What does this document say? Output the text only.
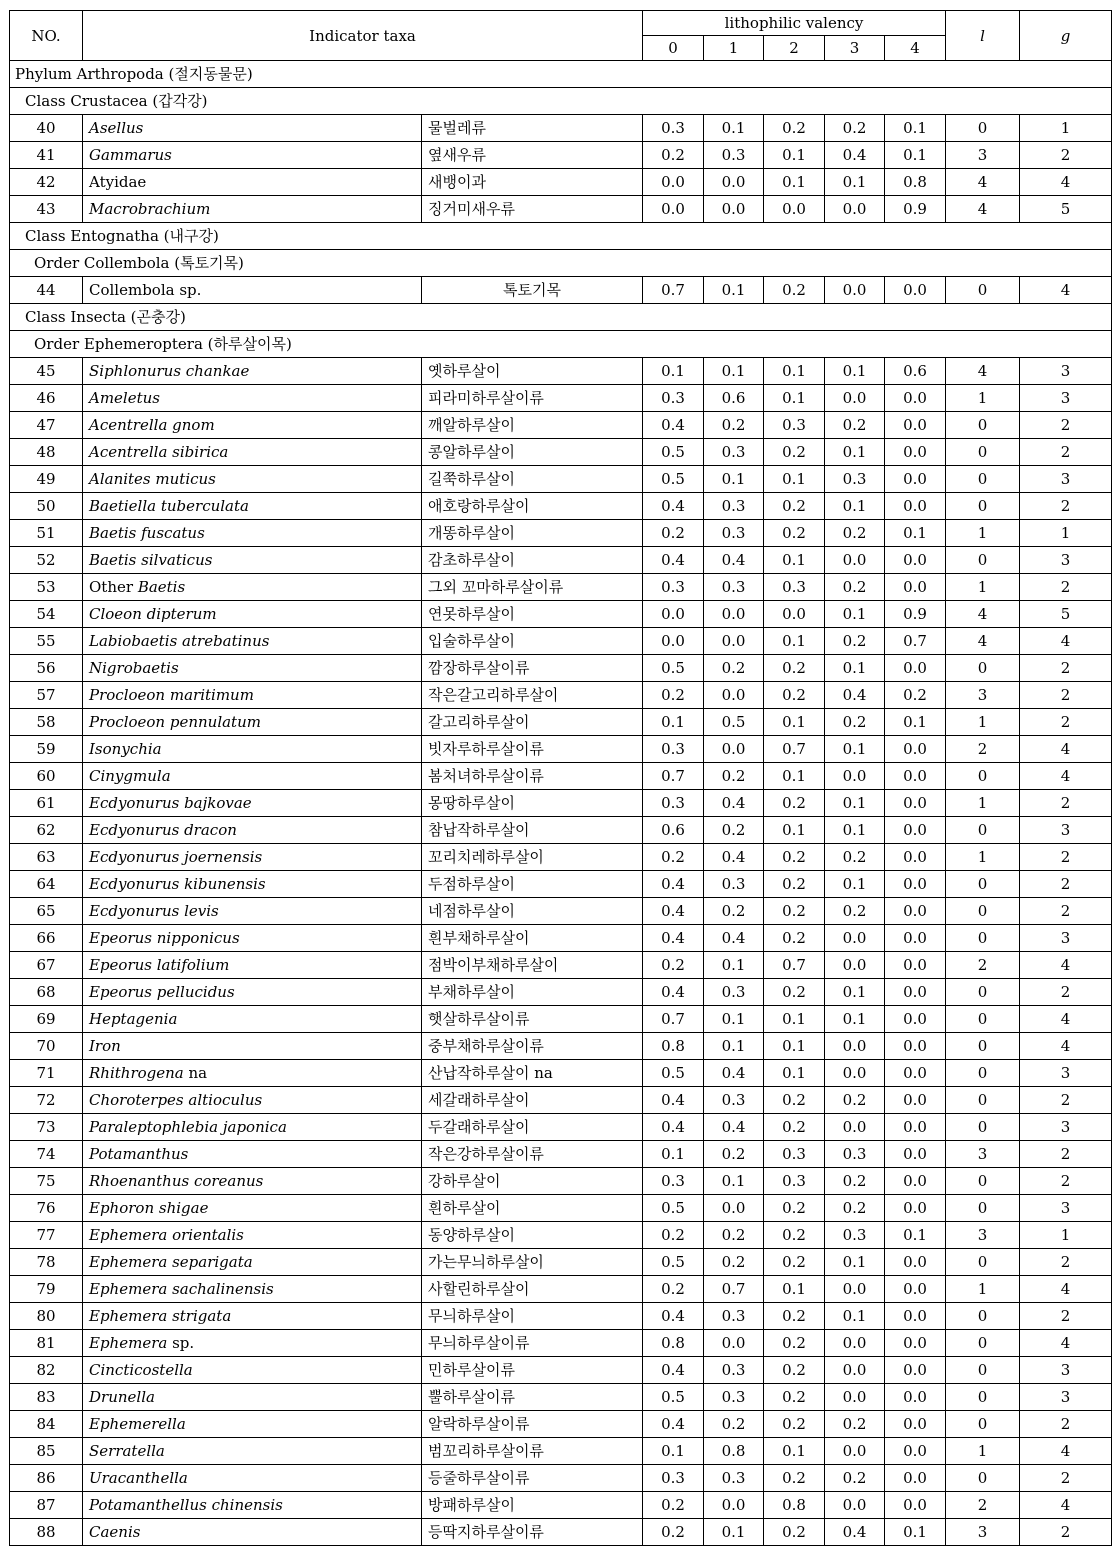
NO.	Indicator taxa		lithophilic valency					l	g
			0	1	2	3	4		
Phylum Arthropoda (절지동물문)									
Class Crustacea (갑각강)									
40	Asellus	물벌레류	0.3	0.1	0.2	0.2	0.1	0	1
41	Gammarus	옆새우류	0.2	0.3	0.1	0.4	0.1	3	2
42	Atyidae	새뱅이과	0.0	0.0	0.1	0.1	0.8	4	4
43	Macrobrachium	징거미새우류	0.0	0.0	0.0	0.0	0.9	4	5
Class Entognatha (내구강)									
Order Collembola (톡토기목)									
44	Collembola sp.	톡토기목	0.7	0.1	0.2	0.0	0.0	0	4
Class Insecta (곤충강)									
Order Ephemeroptera (하루살이목)									
45	Siphlonurus chankae	옛하루살이	0.1	0.1	0.1	0.1	0.6	4	3
46	Ameletus	피라미하루살이류	0.3	0.6	0.1	0.0	0.0	1	3
47	Acentrella gnom	깨알하루살이	0.4	0.2	0.3	0.2	0.0	0	2
48	Acentrella sibirica	콩알하루살이	0.5	0.3	0.2	0.1	0.0	0	2
49	Alanites muticus	길쭉하루살이	0.5	0.1	0.1	0.3	0.0	0	3
50	Baetiella tuberculata	애호랑하루살이	0.4	0.3	0.2	0.1	0.0	0	2
51	Baetis fuscatus	개똥하루살이	0.2	0.3	0.2	0.2	0.1	1	1
52	Baetis silvaticus	감초하루살이	0.4	0.4	0.1	0.0	0.0	0	3
53	Other Baetis	그외 꼬마하루살이류	0.3	0.3	0.3	0.2	0.0	1	2
54	Cloeon dipterum	연못하루살이	0.0	0.0	0.0	0.1	0.9	4	5
55	Labiobaetis atrebatinus	입술하루살이	0.0	0.0	0.1	0.2	0.7	4	4
56	Nigrobaetis	깜장하루살이류	0.5	0.2	0.2	0.1	0.0	0	2
57	Procloeon maritimum	작은갈고리하루살이	0.2	0.0	0.2	0.4	0.2	3	2
58	Procloeon pennulatum	갈고리하루살이	0.1	0.5	0.1	0.2	0.1	1	2
59	Isonychia	빗자루하루살이류	0.3	0.0	0.7	0.1	0.0	2	4
60	Cinygmula	봄처녀하루살이류	0.7	0.2	0.1	0.0	0.0	0	4
61	Ecdyonurus bajkovae	몽땅하루살이	0.3	0.4	0.2	0.1	0.0	1	2
62	Ecdyonurus dracon	참납작하루살이	0.6	0.2	0.1	0.1	0.0	0	3
63	Ecdyonurus joernensis	꼬리치레하루살이	0.2	0.4	0.2	0.2	0.0	1	2
64	Ecdyonurus kibunensis	두점하루살이	0.4	0.3	0.2	0.1	0.0	0	2
65	Ecdyonurus levis	네점하루살이	0.4	0.2	0.2	0.2	0.0	0	2
66	Epeorus nipponicus	흰부채하루살이	0.4	0.4	0.2	0.0	0.0	0	3
67	Epeorus latifolium	점박이부채하루살이	0.2	0.1	0.7	0.0	0.0	2	4
68	Epeorus pellucidus	부채하루살이	0.4	0.3	0.2	0.1	0.0	0	2
69	Heptagenia	햇살하루살이류	0.7	0.1	0.1	0.1	0.0	0	4
70	Iron	중부채하루살이류	0.8	0.1	0.1	0.0	0.0	0	4
71	Rhithrogena na	산납작하루살이 na	0.5	0.4	0.1	0.0	0.0	0	3
72	Choroterpes altioculus	세갈래하루살이	0.4	0.3	0.2	0.2	0.0	0	2
73	Paraleptophlebia japonica	두갈래하루살이	0.4	0.4	0.2	0.0	0.0	0	3
74	Potamanthus	작은강하루살이류	0.1	0.2	0.3	0.3	0.0	3	2
75	Rhoenanthus coreanus	강하루살이	0.3	0.1	0.3	0.2	0.0	0	2
76	Ephoron shigae	흰하루살이	0.5	0.0	0.2	0.2	0.0	0	3
77	Ephemera orientalis	동양하루살이	0.2	0.2	0.2	0.3	0.1	3	1
78	Ephemera separigata	가는무늬하루살이	0.5	0.2	0.2	0.1	0.0	0	2
79	Ephemera sachalinensis	사할린하루살이	0.2	0.7	0.1	0.0	0.0	1	4
80	Ephemera strigata	무늬하루살이	0.4	0.3	0.2	0.1	0.0	0	2
81	Ephemera sp.	무늬하루살이류	0.8	0.0	0.2	0.0	0.0	0	4
82	Cincticostella	민하루살이류	0.4	0.3	0.2	0.0	0.0	0	3
83	Drunella	뿔하루살이류	0.5	0.3	0.2	0.0	0.0	0	3
84	Ephemerella	알락하루살이류	0.4	0.2	0.2	0.2	0.0	0	2
85	Serratella	범꼬리하루살이류	0.1	0.8	0.1	0.0	0.0	1	4
86	Uracanthella	등줄하루살이류	0.3	0.3	0.2	0.2	0.0	0	2
87	Potamanthellus chinensis	방패하루살이	0.2	0.0	0.8	0.0	0.0	2	4
88	Caenis	등딱지하루살이류	0.2	0.1	0.2	0.4	0.1	3	2
